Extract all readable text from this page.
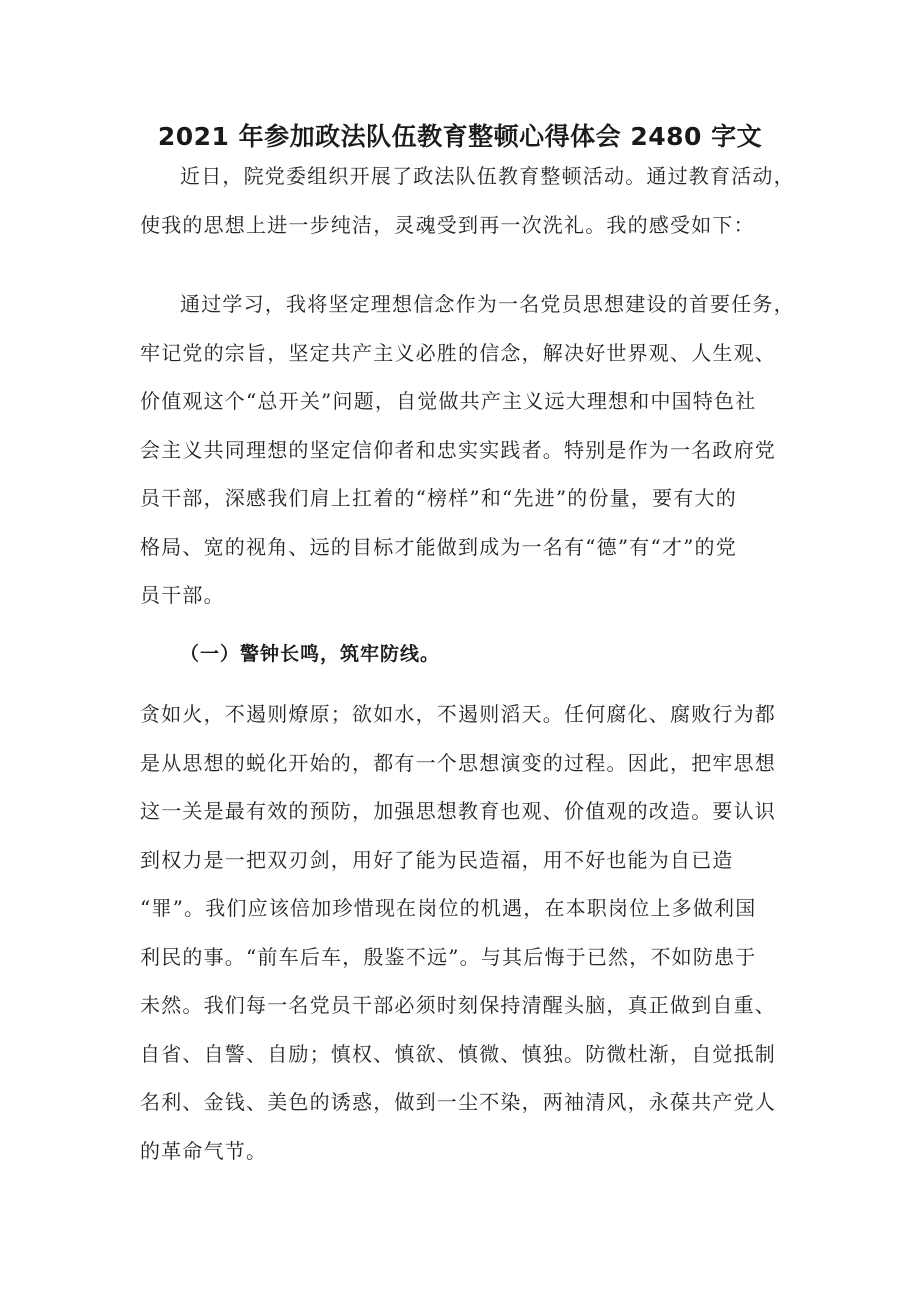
2021 年参加政法队伍教育整顿心得体会 2480 字文
近日，院党委组织开展了政法队伍教育整顿活动。通过教育活动，
使我的思想上进一步纯洁，灵魂受到再一次洗礼。我的感受如下：
通过学习，我将坚定理想信念作为一名党员思想建设的首要任务，
牢记党的宗旨，坚定共产主义必胜的信念，解决好世界观、人生观、
价值观这个“总开关”问题，自觉做共产主义远大理想和中国特色社
会主义共同理想的坚定信仰者和忠实实践者。特别是作为一名政府党
员干部，深感我们肩上扛着的“榜样”和“先进”的份量，要有大的
格局、宽的视角、远的目标才能做到成为一名有“德”有“才”的党
员干部。
（一）警钟长鸣，筑牢防线。
贪如火，不遏则燎原；欲如水，不遏则滔天。任何腐化、腐败行为都
是从思想的蜕化开始的，都有一个思想演变的过程。因此，把牢思想
这一关是最有效的预防，加强思想教育也观、价值观的改造。要认识
到权力是一把双刃剑，用好了能为民造福，用不好也能为自已造
“罪”。我们应该倍加珍惜现在岗位的机遇，在本职岗位上多做利国
利民的事。“前车后车，殷鉴不远”。与其后悔于已然，不如防患于
未然。我们每一名党员干部必须时刻保持清醒头脑，真正做到自重、
自省、自警、自励；慎权、慎欲、慎微、慎独。防微杜渐，自觉抵制
名利、金钱、美色的诱惑，做到一尘不染，两袖清风，永葆共产党人
的革命气节。
